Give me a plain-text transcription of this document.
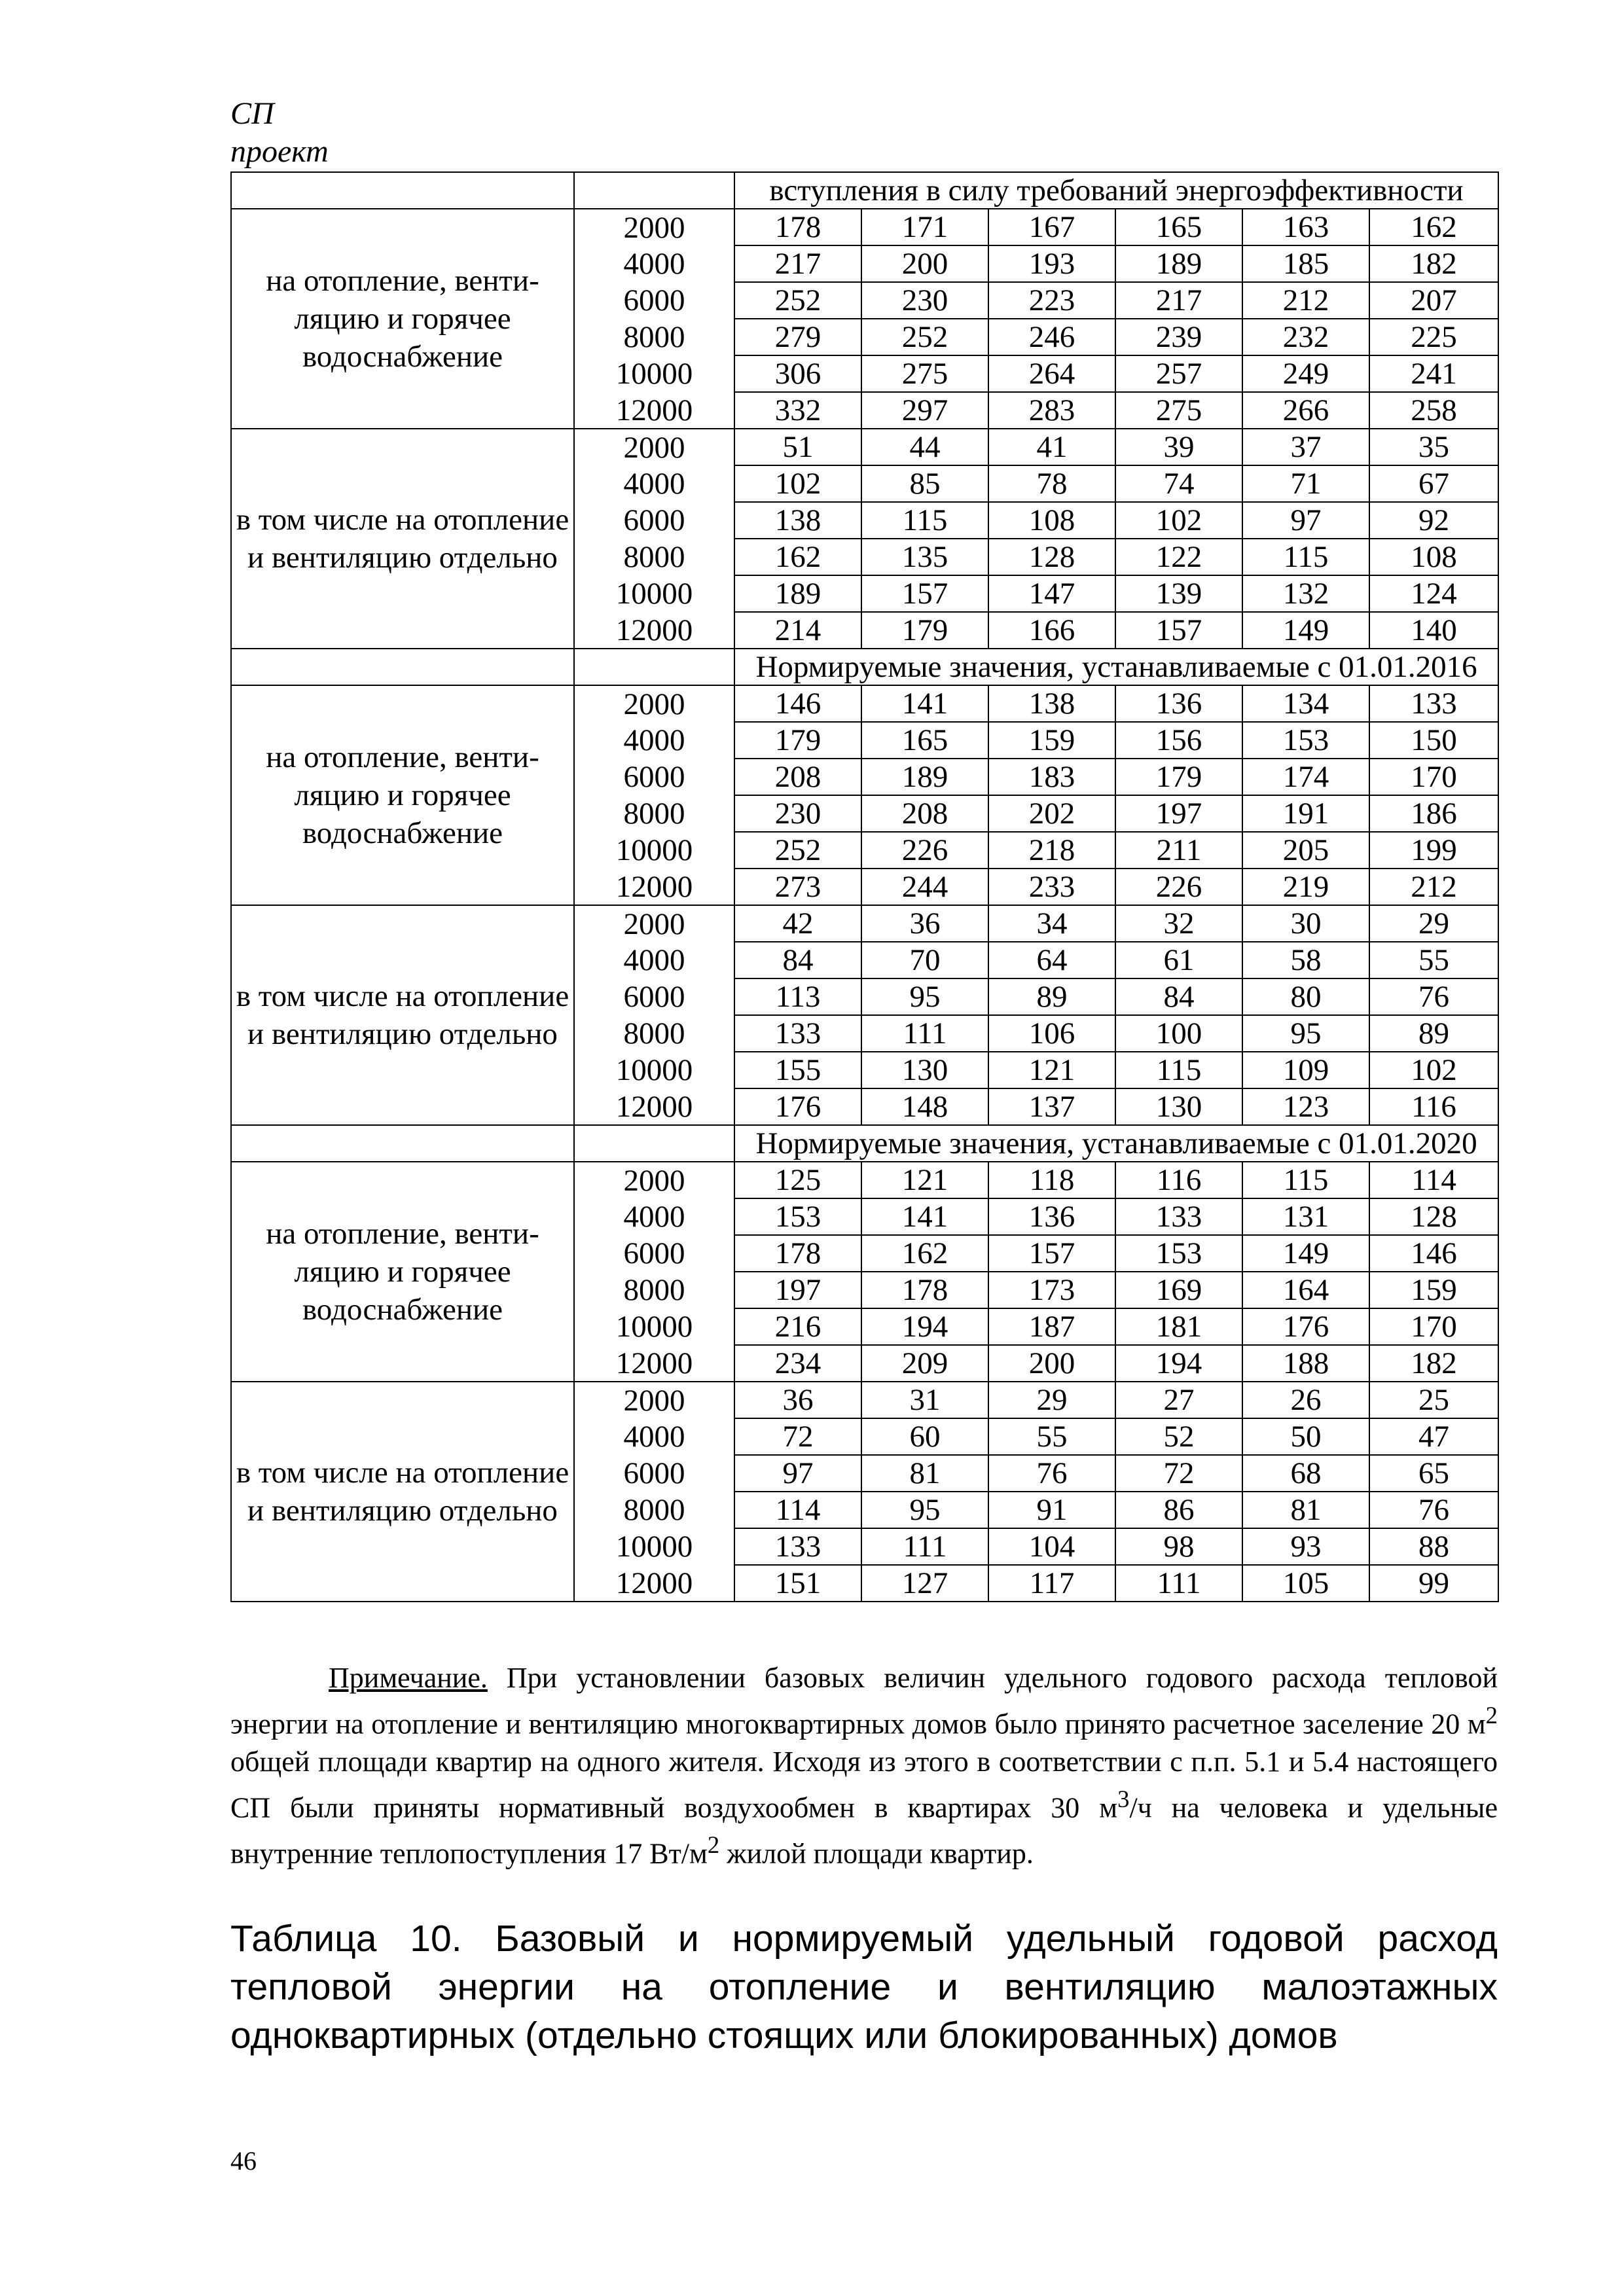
СП
проект
		вступления в силу требований энергоэффективности					
на отопление, венти-ляцию и горячее водоснабжение	2000	178	171	167	165	163	162
	4000	217	200	193	189	185	182
	6000	252	230	223	217	212	207
	8000	279	252	246	239	232	225
	10000	306	275	264	257	249	241
	12000	332	297	283	275	266	258
в том числе на отопление и вентиляцию отдельно	2000	51	44	41	39	37	35
	4000	102	85	78	74	71	67
	6000	138	115	108	102	97	92
	8000	162	135	128	122	115	108
	10000	189	157	147	139	132	124
	12000	214	179	166	157	149	140
		Нормируемые значения, устанавливаемые с 01.01.2016					
на отопление, венти-ляцию и горячее водоснабжение	2000	146	141	138	136	134	133
	4000	179	165	159	156	153	150
	6000	208	189	183	179	174	170
	8000	230	208	202	197	191	186
	10000	252	226	218	211	205	199
	12000	273	244	233	226	219	212
в том числе на отопление и вентиляцию отдельно	2000	42	36	34	32	30	29
	4000	84	70	64	61	58	55
	6000	113	95	89	84	80	76
	8000	133	111	106	100	95	89
	10000	155	130	121	115	109	102
	12000	176	148	137	130	123	116
		Нормируемые значения, устанавливаемые с 01.01.2020					
на отопление, венти-ляцию и горячее водоснабжение	2000	125	121	118	116	115	114
	4000	153	141	136	133	131	128
	6000	178	162	157	153	149	146
	8000	197	178	173	169	164	159
	10000	216	194	187	181	176	170
	12000	234	209	200	194	188	182
в том числе на отопление и вентиляцию отдельно	2000	36	31	29	27	26	25
	4000	72	60	55	52	50	47
	6000	97	81	76	72	68	65
	8000	114	95	91	86	81	76
	10000	133	111	104	98	93	88
	12000	151	127	117	111	105	99
Примечание. При установлении базовых величин удельного годового расхода тепловой энергии на отопление и вентиляцию многоквартирных домов было принято расчетное заселение 20 $м^2$ общей площади квартир на одного жителя. Исходя из этого в соответствии с п.п. 5.1 и 5.4 настоящего СП были приняты нормативный воздухообмен в квартирах 30 $м^3/ч$ на человека и удельные внутренние теплопоступления 17 $Вт/м^2$ жилой площади квартир.
Таблица 10. Базовый и нормируемый удельный годовой расход тепловой энергии на отопление и вентиляцию малоэтажных одноквартирных (отдельно стоящих или блокированных) домов
46
